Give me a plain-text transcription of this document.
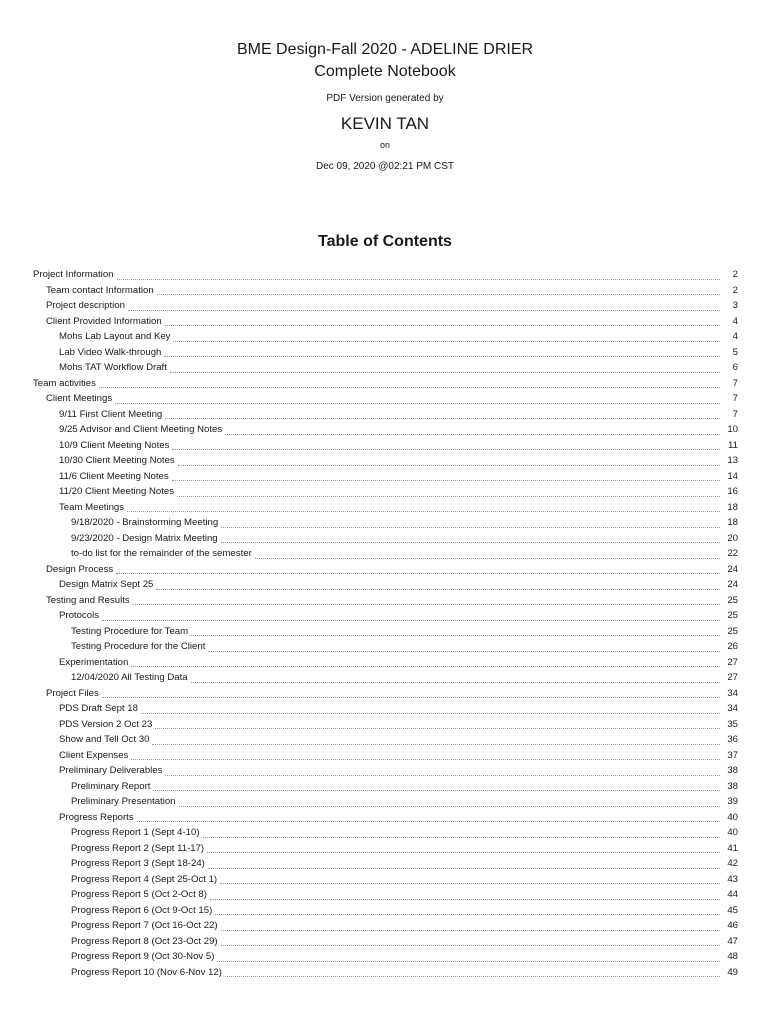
BME Design-Fall 2020 - ADELINE DRIER
Complete Notebook
PDF Version generated by
KEVIN TAN
on
Dec 09, 2020 @02:21 PM CST
Table of Contents
Project Information	2
Team contact Information	2
Project description	3
Client Provided Information	4
Mohs Lab Layout and Key	4
Lab Video Walk-through	5
Mohs TAT Workflow Draft	6
Team activities	7
Client Meetings	7
9/11 First Client Meeting	7
9/25 Advisor and Client Meeting Notes	10
10/9 Client Meeting Notes	11
10/30 Client Meeting Notes	13
11/6 Client Meeting Notes	14
11/20 Client Meeting Notes	16
Team Meetings	18
9/18/2020 - Brainstorming Meeting	18
9/23/2020 - Design Matrix Meeting	20
to-do list for the remainder of the semester	22
Design Process	24
Design Matrix Sept 25	24
Testing and Results	25
Protocols	25
Testing Procedure for Team	25
Testing Procedure for the Client	26
Experimentation	27
12/04/2020 All Testing Data	27
Project Files	34
PDS Draft Sept 18	34
PDS Version 2 Oct 23	35
Show and Tell Oct 30	36
Client Expenses	37
Preliminary Deliverables	38
Preliminary Report	38
Preliminary Presentation	39
Progress Reports	40
Progress Report 1 (Sept 4-10)	40
Progress Report 2 (Sept 11-17)	41
Progress Report 3 (Sept 18-24)	42
Progress Report 4 (Sept 25-Oct 1)	43
Progress Report 5 (Oct 2-Oct 8)	44
Progress Report 6 (Oct 9-Oct 15)	45
Progress Report 7 (Oct 16-Oct 22)	46
Progress Report 8 (Oct 23-Oct 29)	47
Progress Report 9 (Oct 30-Nov 5)	48
Progress Report 10 (Nov 6-Nov 12)	49
